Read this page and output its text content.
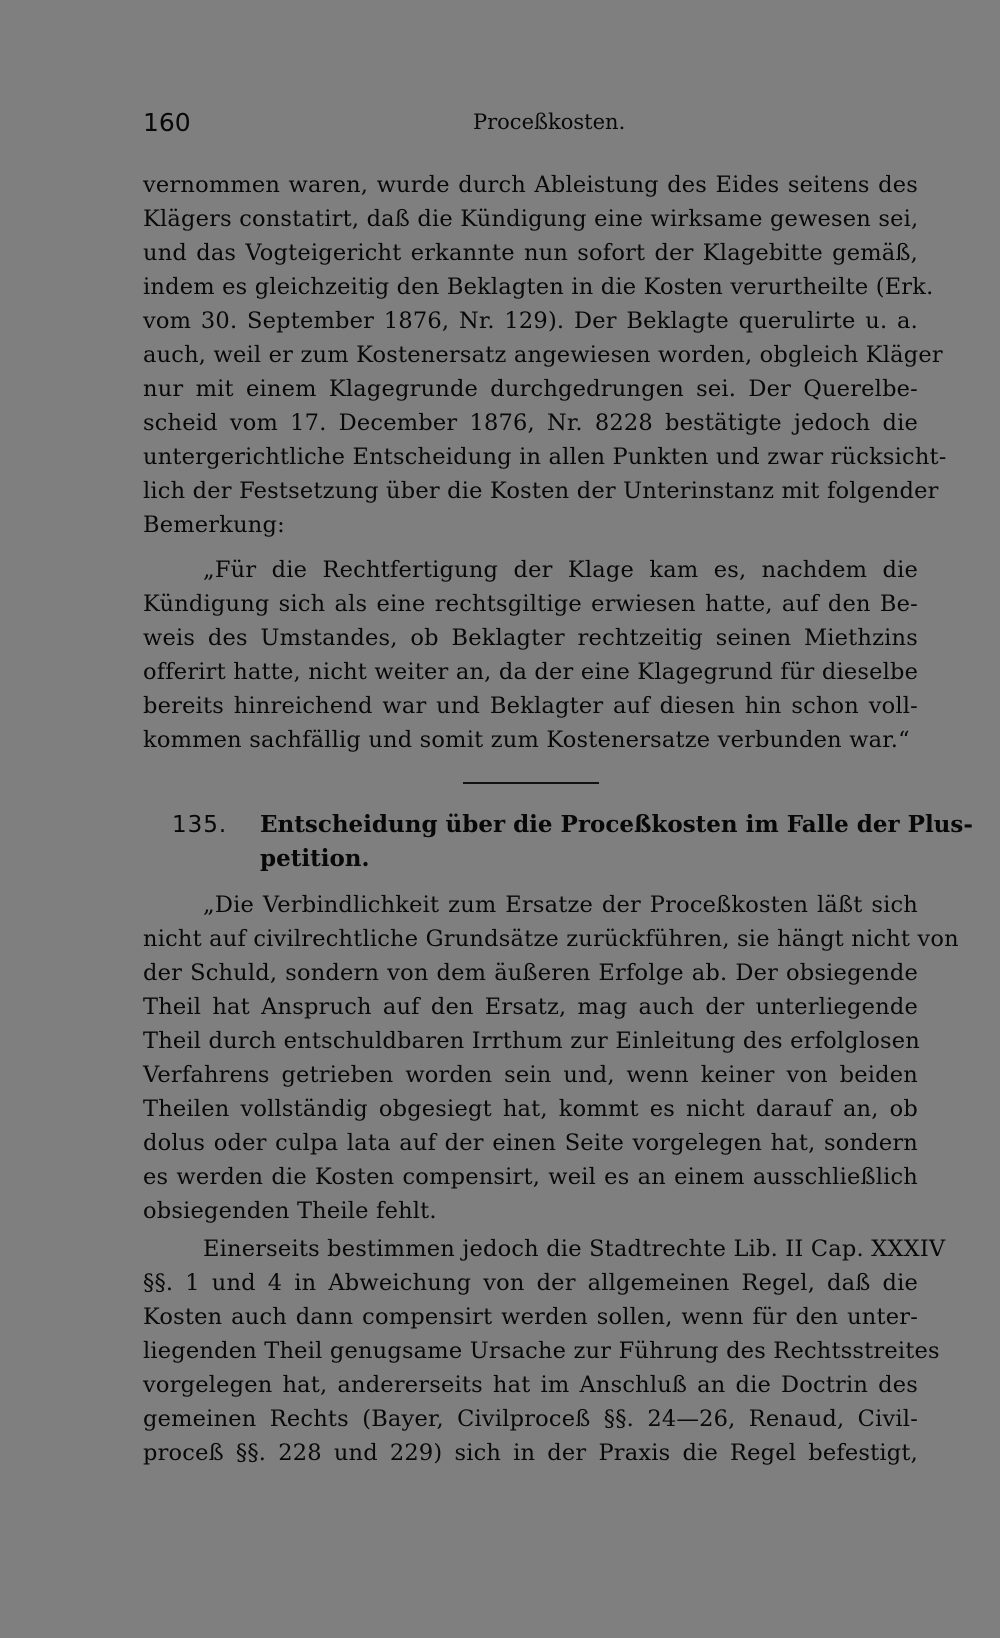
160	Proceßkosten.
vernommen waren, wurde durch Ableistung des Eides seitens des
Klägers constatirt, daß die Kündigung eine wirksame gewesen sei,
und das Vogteigericht erkannte nun sofort der Klagebitte gemäß,
indem es gleichzeitig den Beklagten in die Kosten verurtheilte (Erk.
vom 30. September 1876, Nr. 129). Der Beklagte querulirte u. a.
auch, weil er zum Kostenersatz angewiesen worden, obgleich Kläger
nur mit einem Klagegrunde durchgedrungen sei. Der Querelbe-
scheid vom 17. December 1876, Nr. 8228 bestätigte jedoch die
untergerichtliche Entscheidung in allen Punkten und zwar rücksicht-
lich der Festsetzung über die Kosten der Unterinstanz mit folgender
Bemerkung:
„Für die Rechtfertigung der Klage kam es, nachdem die
Kündigung sich als eine rechtsgiltige erwiesen hatte, auf den Be-
weis des Umstandes, ob Beklagter rechtzeitig seinen Miethzins
offerirt hatte, nicht weiter an, da der eine Klagegrund für dieselbe
bereits hinreichend war und Beklagter auf diesen hin schon voll-
kommen sachfällig und somit zum Kostenersatze verbunden war.“
135. Entscheidung über die Proceßkosten im Falle der Plus-
petition.
„Die Verbindlichkeit zum Ersatze der Proceßkosten läßt sich
nicht auf civilrechtliche Grundsätze zurückführen, sie hängt nicht von
der Schuld, sondern von dem äußeren Erfolge ab. Der obsiegende
Theil hat Anspruch auf den Ersatz, mag auch der unterliegende
Theil durch entschuldbaren Irrthum zur Einleitung des erfolglosen
Verfahrens getrieben worden sein und, wenn keiner von beiden
Theilen vollständig obgesiegt hat, kommt es nicht darauf an, ob
dolus oder culpa lata auf der einen Seite vorgelegen hat, sondern
es werden die Kosten compensirt, weil es an einem ausschließlich
obsiegenden Theile fehlt.
Einerseits bestimmen jedoch die Stadtrechte Lib. II Cap. XXXIV
§§. 1 und 4 in Abweichung von der allgemeinen Regel, daß die
Kosten auch dann compensirt werden sollen, wenn für den unter-
liegenden Theil genugsame Ursache zur Führung des Rechtsstreites
vorgelegen hat, andererseits hat im Anschluß an die Doctrin des
gemeinen Rechts (Bayer, Civilproceß §§. 24—26, Renaud, Civil-
proceß §§. 228 und 229) sich in der Praxis die Regel befestigt,
